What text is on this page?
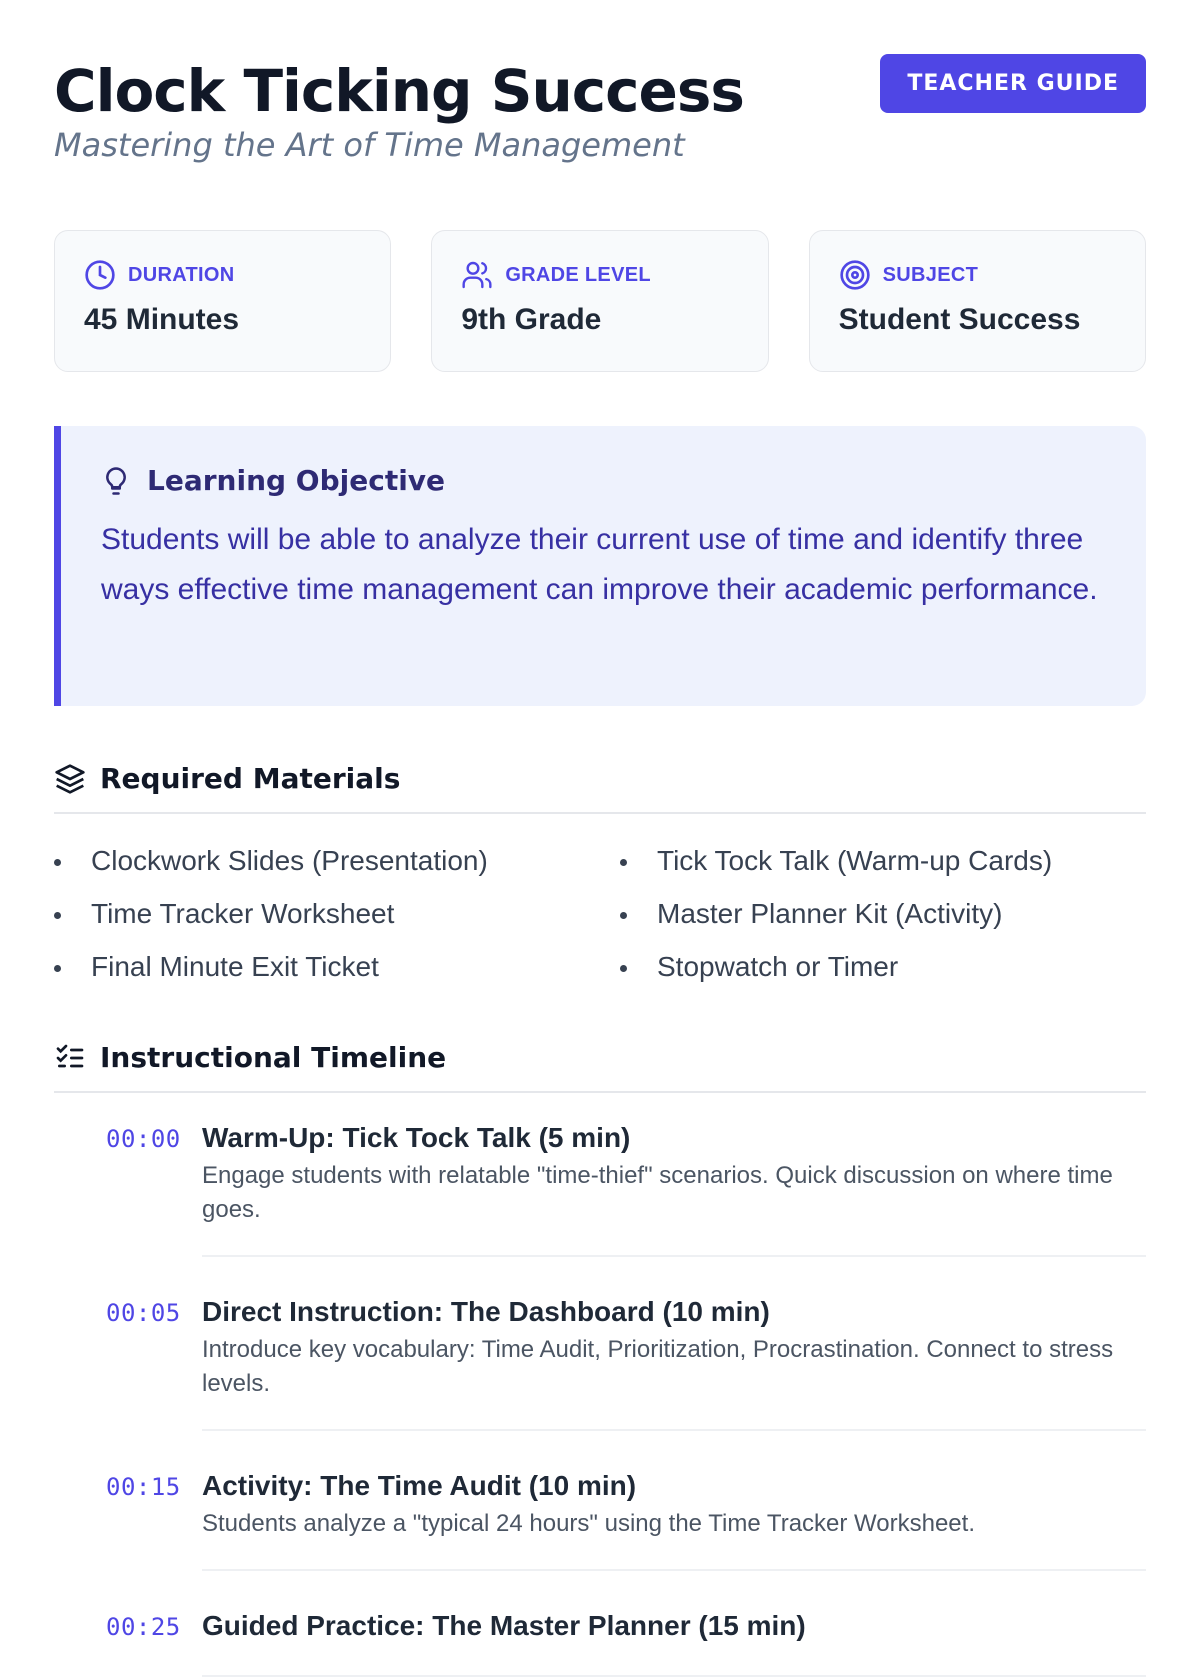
Clock Ticking Success
Mastering the Art of Time Management
TEACHER GUIDE
DURATION
45 Minutes
GRADE LEVEL
9th Grade
SUBJECT
Student Success
Learning Objective

Students will be able to analyze their current use of time and identify three ways effective time management can improve their academic performance.

Required Materials
Clockwork Slides (Presentation)	Tick Tock Talk (Warm-up Cards)
Time Tracker Worksheet	Master Planner Kit (Activity)
Final Minute Exit Ticket	Stopwatch or Timer
Instructional Timeline
00:00 Warm-Up: Tick Tock Talk (5 min)
Engage students with relatable "time-thief" scenarios. Quick discussion on where time goes.
00:05 Direct Instruction: The Dashboard (10 min)
Introduce key vocabulary: Time Audit, Prioritization, Procrastination. Connect to stress levels.
00:15 Activity: The Time Audit (10 min)
Students analyze a "typical 24 hours" using the Time Tracker Worksheet.
00:25 Guided Practice: The Master Planner (15 min)
